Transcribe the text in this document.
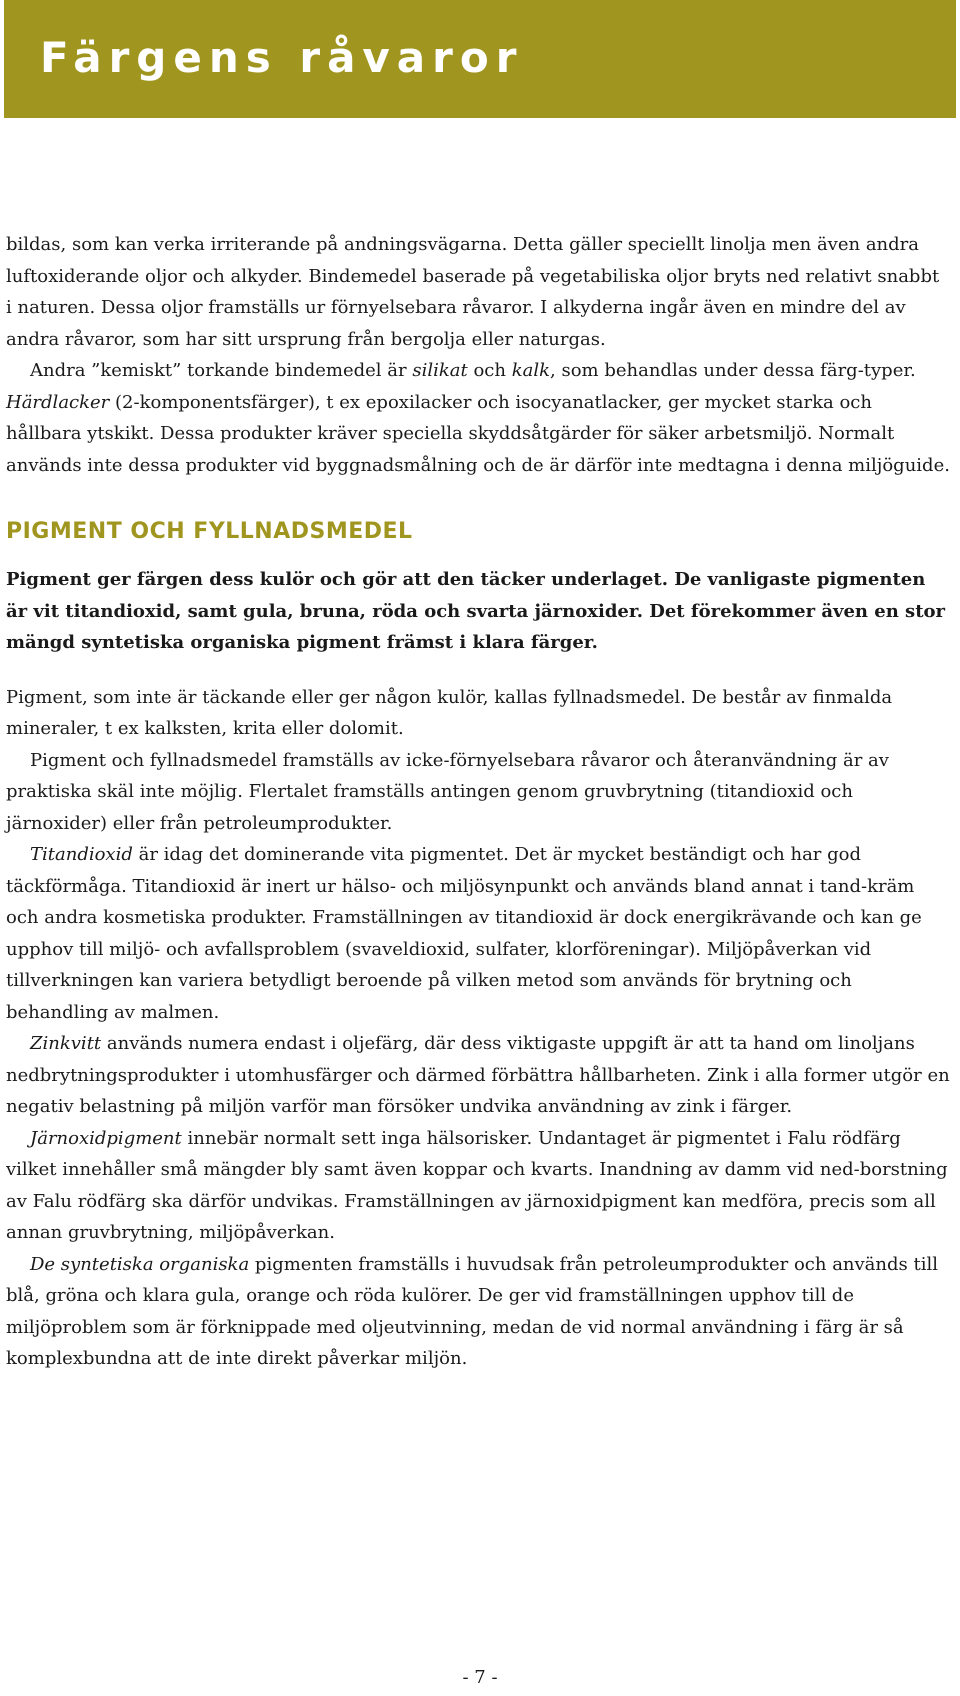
Färgens råvaror

bildas, som kan verka irriterande på andningsvägarna. Detta gäller speciellt linolja men även andra luftoxiderande oljor och alkyder. Bindemedel baserade på vegetabiliska oljor bryts ned relativt snabbt i naturen. Dessa oljor framställs ur förnyelsebara råvaror. I alkyderna ingår även en mindre del av andra råvaror, som har sitt ursprung från bergolja eller naturgas.

Andra ”kemiskt” torkande bindemedel är silikat och kalk, som behandlas under dessa färg-typer. Härdlacker (2-komponentsfärger), t ex epoxilacker och isocyanatlacker, ger mycket starka och hållbara ytskikt. Dessa produkter kräver speciella skyddsåtgärder för säker arbetsmiljö. Normalt används inte dessa produkter vid byggnadsmålning och de är därför inte medtagna i denna miljöguide.

PIGMENT OCH FYLLNADSMEDEL

Pigment ger färgen dess kulör och gör att den täcker underlaget. De vanligaste pigmenten är vit titandioxid, samt gula, bruna, röda och svarta järnoxider. Det förekommer även en stor mängd syntetiska organiska pigment främst i klara färger.

Pigment, som inte är täckande eller ger någon kulör, kallas fyllnadsmedel. De består av finmalda mineraler, t ex kalksten, krita eller dolomit.

Pigment och fyllnadsmedel framställs av icke-förnyelsebara råvaror och återanvändning är av praktiska skäl inte möjlig. Flertalet framställs antingen genom gruvbrytning (titandioxid och järnoxider) eller från petroleumprodukter.

Titandioxid är idag det dominerande vita pigmentet. Det är mycket beständigt och har god täckförmåga. Titandioxid är inert ur hälso- och miljösynpunkt och används bland annat i tand-kräm och andra kosmetiska produkter. Framställningen av titandioxid är dock energikrävande och kan ge upphov till miljö- och avfallsproblem (svaveldioxid, sulfater, klorföreningar). Miljöpåverkan vid tillverkningen kan variera betydligt beroende på vilken metod som används för brytning och behandling av malmen.

Zinkvitt används numera endast i oljefärg, där dess viktigaste uppgift är att ta hand om linoljans nedbrytningsprodukter i utomhusfärger och därmed förbättra hållbarheten. Zink i alla former utgör en negativ belastning på miljön varför man försöker undvika användning av zink i färger.

Järnoxidpigment innebär normalt sett inga hälsorisker. Undantaget är pigmentet i Falu rödfärg vilket innehåller små mängder bly samt även koppar och kvarts. Inandning av damm vid ned-borstning av Falu rödfärg ska därför undvikas. Framställningen av järnoxidpigment kan medföra, precis som all annan gruvbrytning, miljöpåverkan.

De syntetiska organiska pigmenten framställs i huvudsak från petroleumprodukter och används till blå, gröna och klara gula, orange och röda kulörer. De ger vid framställningen upphov till de miljöproblem som är förknippade med oljeutvinning, medan de vid normal användning i färg är så komplexbundna att de inte direkt påverkar miljön.

- 7 -
